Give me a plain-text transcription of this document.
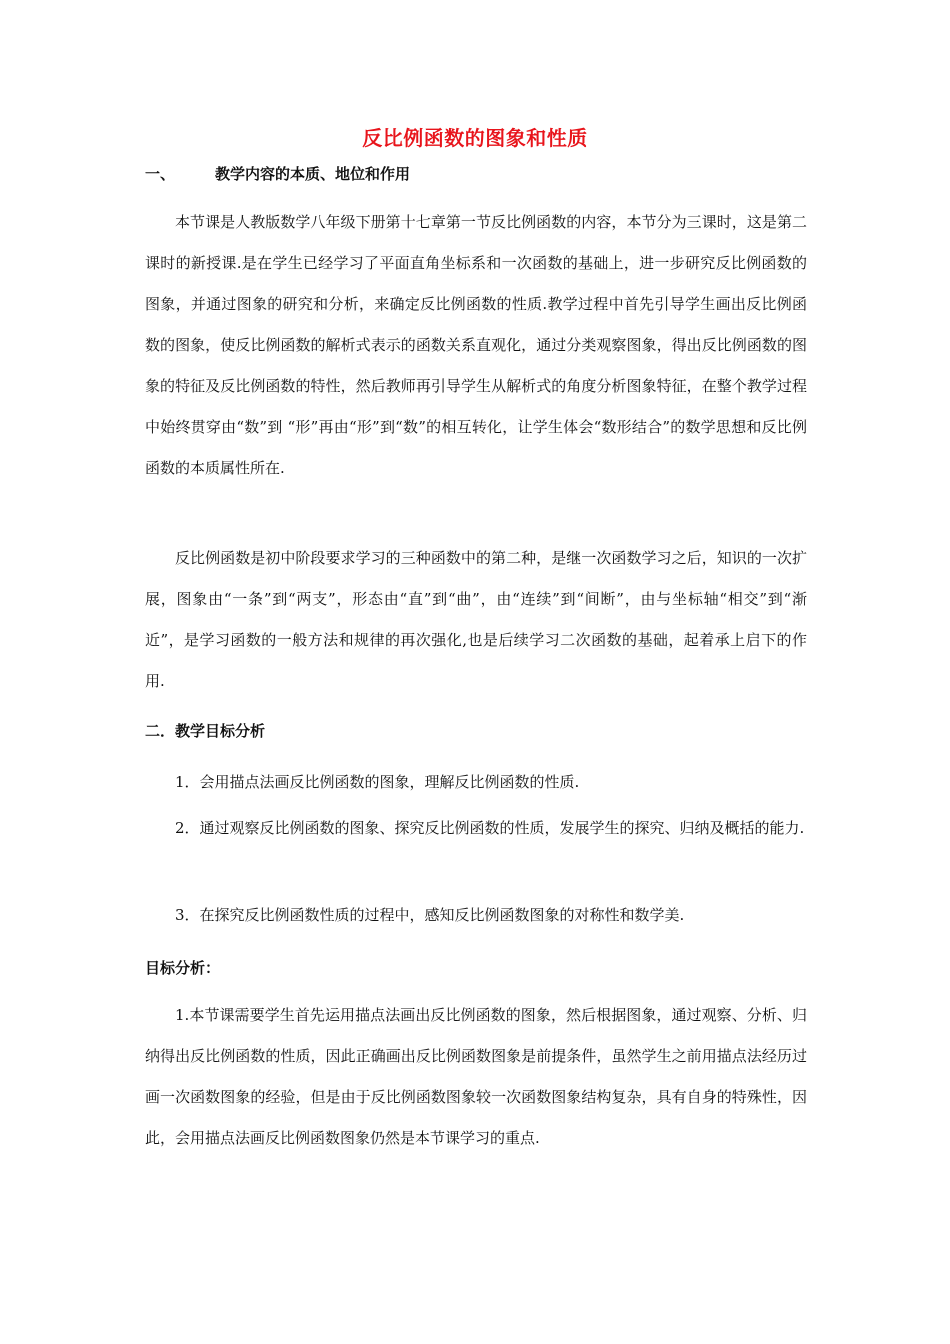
反比例函数的图象和性质
一、	教学内容的本质、地位和作用
本节课是人教版数学八年级下册第十七章第一节反比例函数的内容，本节分为三课时，这是第二课时的新授课.是在学生已经学习了平面直角坐标系和一次函数的基础上，进一步研究反比例函数的图象，并通过图象的研究和分析，来确定反比例函数的性质.教学过程中首先引导学生画出反比例函数的图象，使反比例函数的解析式表示的函数关系直观化，通过分类观察图象，得出反比例函数的图象的特征及反比例函数的特性，然后教师再引导学生从解析式的角度分析图象特征，在整个教学过程中始终贯穿由“数”到 “形”再由“形”到“数”的相互转化，让学生体会“数形结合”的数学思想和反比例函数的本质属性所在.
反比例函数是初中阶段要求学习的三种函数中的第二种，是继一次函数学习之后，知识的一次扩展，图象由“一条”到“两支”，形态由“直”到“曲”，由“连续”到“间断”，由与坐标轴“相交”到“渐近”，是学习函数的一般方法和规律的再次强化,也是后续学习二次函数的基础，起着承上启下的作用.
二．教学目标分析
1．会用描点法画反比例函数的图象，理解反比例函数的性质.
2．通过观察反比例函数的图象、探究反比例函数的性质，发展学生的探究、归纳及概括的能力.
3．在探究反比例函数性质的过程中，感知反比例函数图象的对称性和数学美.
目标分析：
1.本节课需要学生首先运用描点法画出反比例函数的图象，然后根据图象，通过观察、分析、归纳得出反比例函数的性质，因此正确画出反比例函数图象是前提条件，虽然学生之前用描点法经历过画一次函数图象的经验，但是由于反比例函数图象较一次函数图象结构复杂，具有自身的特殊性，因此，会用描点法画反比例函数图象仍然是本节课学习的重点.
